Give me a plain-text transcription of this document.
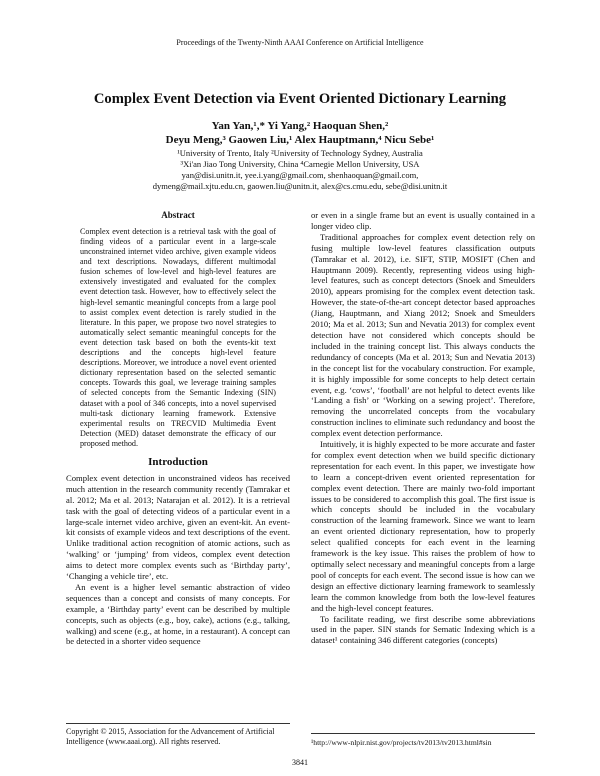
Proceedings of the Twenty-Ninth AAAI Conference on Artificial Intelligence
Complex Event Detection via Event Oriented Dictionary Learning
Yan Yan,¹,* Yi Yang,² Haoquan Shen,²
Deyu Meng,³ Gaowen Liu,¹ Alex Hauptmann,⁴ Nicu Sebe¹
¹University of Trento, Italy ²University of Technology Sydney, Australia
³Xi'an Jiao Tong University, China ⁴Carnegie Mellon University, USA
yan@disi.unitn.it, yee.i.yang@gmail.com, shenhaoquan@gmail.com,
dymeng@mail.xjtu.edu.cn, gaowen.liu@unitn.it, alex@cs.cmu.edu, sebe@disi.unitn.it
Abstract

Complex event detection is a retrieval task with the goal of finding videos of a particular event in a large-scale unconstrained internet video archive, given example videos and text descriptions. Nowadays, different multimodal fusion schemes of low-level and high-level features are extensively investigated and evaluated for the complex event detection task. However, how to effectively select the high-level semantic meaningful concepts from a large pool to assist complex event detection is rarely studied in the literature. In this paper, we propose two novel strategies to automatically select semantic meaningful concepts for the event detection task based on both the events-kit text descriptions and the concepts high-level feature descriptions. Moreover, we introduce a novel event oriented dictionary representation based on the selected semantic concepts. Towards this goal, we leverage training samples of selected concepts from the Semantic Indexing (SIN) dataset with a pool of 346 concepts, into a novel supervised multi-task dictionary learning framework. Extensive experimental results on TRECVID Multimedia Event Detection (MED) dataset demonstrate the efficacy of our proposed method.

Introduction

Complex event detection in unconstrained videos has received much attention in the research community recently (Tamrakar et al. 2012; Ma et al. 2013; Natarajan et al. 2012). It is a retrieval task with the goal of detecting videos of a particular event in a large-scale internet video archive, given an event-kit. An event-kit consists of example videos and text descriptions of the event. Unlike traditional action recognition of atomic actions, such as ‘walking’ or ‘jumping’ from videos, complex event detection aims to detect more complex events such as ‘Birthday party’, ‘Changing a vehicle tire’, etc.

An event is a higher level semantic abstraction of video sequences than a concept and consists of many concepts. For example, a ‘Birthday party’ event can be described by multiple concepts, such as objects (e.g., boy, cake), actions (e.g., talking, walking) and scene (e.g., at home, in a restaurant). A concept can be detected in a shorter video sequence

or even in a single frame but an event is usually contained in a longer video clip.

Traditional approaches for complex event detection rely on fusing multiple low-level features classification outputs (Tamrakar et al. 2012), i.e. SIFT, STIP, MOSIFT (Chen and Hauptmann 2009). Recently, representing videos using high-level features, such as concept detectors (Snoek and Smeulders 2010), appears promising for the complex event detection task. However, the state-of-the-art concept detector based approaches (Jiang, Hauptmann, and Xiang 2012; Snoek and Smeulders 2010; Ma et al. 2013; Sun and Nevatia 2013) for complex event detection have not considered which concepts should be included in the training concept list. This always conducts the redundancy of concepts (Ma et al. 2013; Sun and Nevatia 2013) in the concept list for the vocabulary construction. For example, it is highly impossible for some concepts to help detect certain event, e.g. ‘cows’, ‘football’ are not helpful to detect events like ‘Landing a fish’ or ‘Working on a sewing project’. Therefore, removing the uncorrelated concepts from the vocabulary construction inclines to eliminate such redundancy and boost the complex event detection performance.

Intuitively, it is highly expected to be more accurate and faster for complex event detection when we build specific dictionary representation for each event. In this paper, we investigate how to learn a concept-driven event oriented representation for complex event detection. There are mainly two-fold important issues to be considered to accomplish this goal. The first issue is which concepts should be included in the vocabulary construction of the learning framework. Since we want to learn an event oriented dictionary representation, how to properly select qualified concepts for each event in the learning framework is the key issue. This raises the problem of how to optimally select necessary and meaningful concepts from a large pool of concepts for each event. The second issue is how can we design an effective dictionary learning framework to seamlessly learn the common knowledge from both the low-level features and the high-level concept features.

To facilitate reading, we first describe some abbreviations used in the paper. SIN stands for Sematic Indexing which is a dataset¹ containing 346 different categories (concepts)

Copyright © 2015, Association for the Advancement of Artificial Intelligence (www.aaai.org). All rights reserved.	¹http://www-nlpir.nist.gov/projects/tv2013/tv2013.html#sin
3841
